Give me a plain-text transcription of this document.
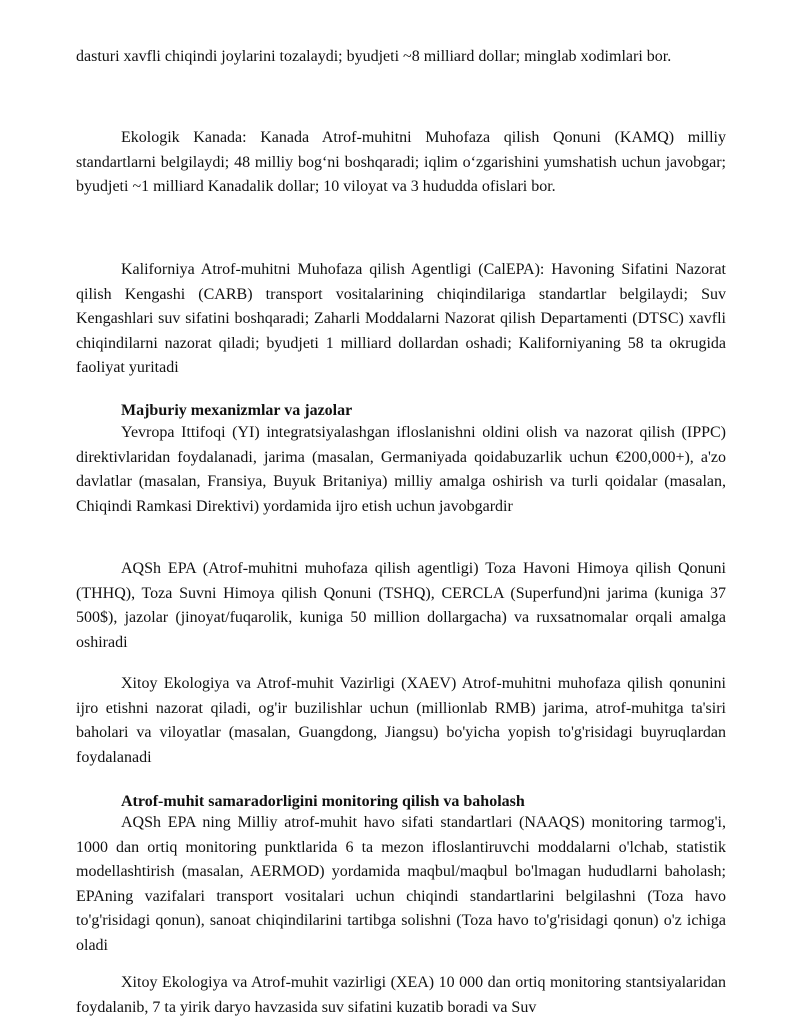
dasturi xavfli chiqindi joylarini tozalaydi; byudjeti ~8 milliard dollar; minglab xodimlari bor.

Ekologik Kanada: Kanada Atrof-muhitni Muhofaza qilish Qonuni (KAMQ) milliy standartlarni belgilaydi; 48 milliy bog‘ni boshqaradi; iqlim o‘zgarishini yumshatish uchun javobgar; byudjeti ~1 milliard Kanadalik dollar; 10 viloyat va 3 hududda ofislari bor.

Kaliforniya Atrof-muhitni Muhofaza qilish Agentligi (CalEPA): Havoning Sifatini Nazorat qilish Kengashi (CARB) transport vositalarining chiqindilariga standartlar belgilaydi; Suv Kengashlari suv sifatini boshqaradi; Zaharli Moddalarni Nazorat qilish Departamenti (DTSC) xavfli chiqindilarni nazorat qiladi; byudjeti 1 milliard dollardan oshadi; Kaliforniyaning 58 ta okrugida faoliyat yuritadi

Majburiy mexanizmlar va jazolar

Yevropa Ittifoqi (YI) integratsiyalashgan ifloslanishni oldini olish va nazorat qilish (IPPC) direktivlaridan foydalanadi, jarima (masalan, Germaniyada qoidabuzarlik uchun €200,000+), a'zo davlatlar (masalan, Fransiya, Buyuk Britaniya) milliy amalga oshirish va turli qoidalar (masalan, Chiqindi Ramkasi Direktivi) yordamida ijro etish uchun javobgardir

AQSh EPA (Atrof-muhitni muhofaza qilish agentligi) Toza Havoni Himoya qilish Qonuni (THHQ), Toza Suvni Himoya qilish Qonuni (TSHQ), CERCLA (Superfund)ni jarima (kuniga 37 500$), jazolar (jinoyat/fuqarolik, kuniga 50 million dollargacha) va ruxsatnomalar orqali amalga oshiradi

Xitoy Ekologiya va Atrof-muhit Vazirligi (XAEV) Atrof-muhitni muhofaza qilish qonunini ijro etishni nazorat qiladi, og'ir buzilishlar uchun (millionlab RMB) jarima, atrof-muhitga ta'siri baholari va viloyatlar (masalan, Guangdong, Jiangsu) bo'yicha yopish to'g'risidagi buyruqlardan foydalanadi

Atrof-muhit samaradorligini monitoring qilish va baholash

AQSh EPA ning Milliy atrof-muhit havo sifati standartlari (NAAQS) monitoring tarmog'i, 1000 dan ortiq monitoring punktlarida 6 ta mezon ifloslantiruvchi moddalarni o'lchab, statistik modellashtirish (masalan, AERMOD) yordamida maqbul/maqbul bo'lmagan hududlarni baholash; EPAning vazifalari transport vositalari uchun chiqindi standartlarini belgilashni (Toza havo to'g'risidagi qonun), sanoat chiqindilarini tartibga solishni (Toza havo to'g'risidagi qonun) o'z ichiga oladi

Xitoy Ekologiya va Atrof-muhit vazirligi (XEA) 10 000 dan ortiq monitoring stantsiyalaridan foydalanib, 7 ta yirik daryo havzasida suv sifatini kuzatib boradi va Suv
